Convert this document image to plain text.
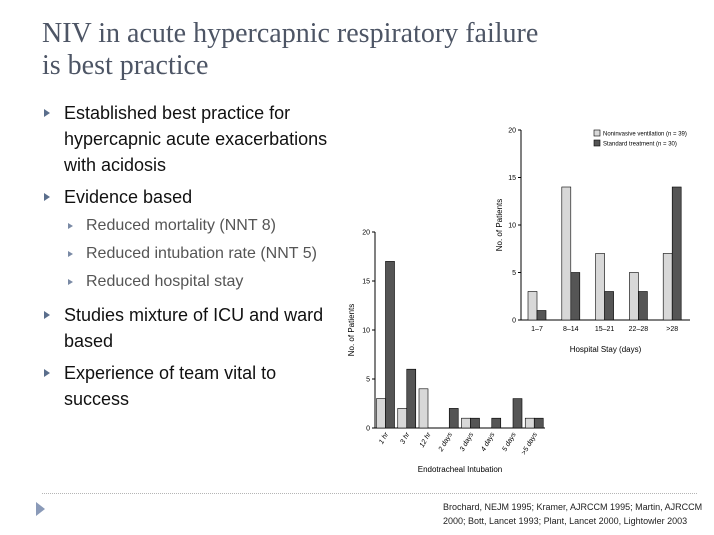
NIV in acute hypercapnic respiratory failure
is best practice
Established best practice for hypercapnic acute exacerbations with acidosis
Evidence based
Reduced mortality (NNT 8)
Reduced intubation rate (NNT 5)
Reduced hospital stay
Studies mixture of ICU and ward based
Experience of team vital to success
0
5
10
15
20
No. of Patients
Endotracheal Intubation
1 hr 3 hr 12 hr 2 days 3 days 4 days 5 days >5 days
0
5
10
15
20
No. of Patients
Hospital Stay (days)
1–7	8–14 15–21 22–28	>28
Noninvasive ventilation (n = 39)
Standard treatment (n = 30)

Brochard, NEJM 1995; Kramer, AJRCCM 1995; Martin, AJRCCM
2000; Bott, Lancet 1993; Plant, Lancet 2000, Lightowler 2003
